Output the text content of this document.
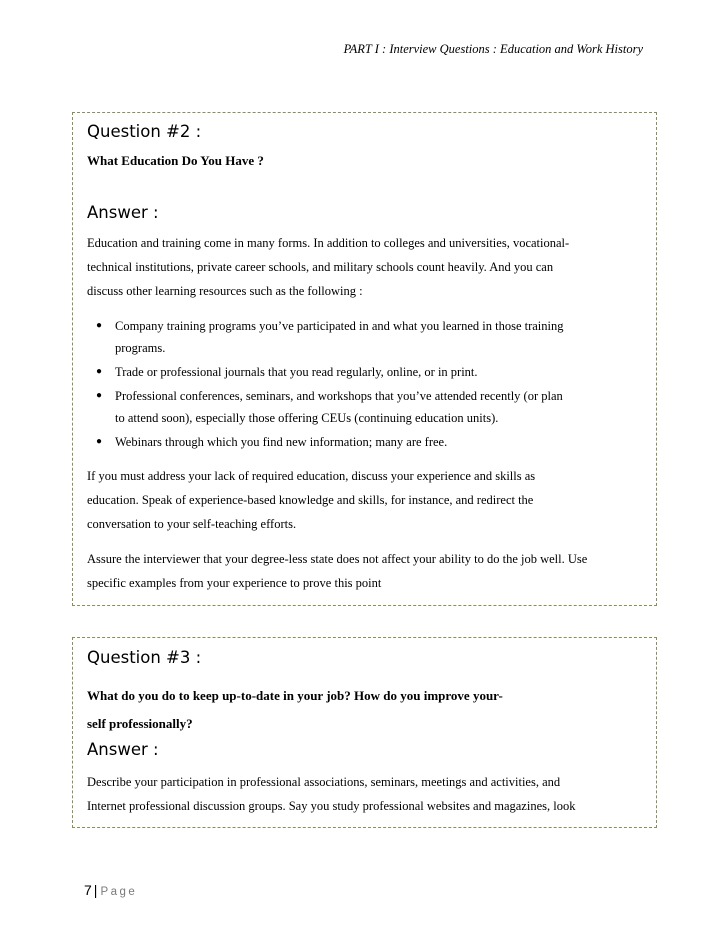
PART I : Interview Questions : Education and Work History
Question #2 :
What Education Do You Have ?
Answer :
Education and training come in many forms. In addition to colleges and universities, vocational-
technical institutions, private career schools, and military schools count heavily. And you can
discuss other learning resources such as the following :
● Company training programs you’ve participated in and what you learned in those training
programs.
● Trade or professional journals that you read regularly, online, or in print.
● Professional conferences, seminars, and workshops that you’ve attended recently (or plan
to attend soon), especially those offering CEUs (continuing education units).
● Webinars through which you find new information; many are free.
If you must address your lack of required education, discuss your experience and skills as
education. Speak of experience-based knowledge and skills, for instance, and redirect the
conversation to your self-teaching efforts.
Assure the interviewer that your degree-less state does not affect your ability to do the job well. Use
specific examples from your experience to prove this point
Question #3 :
What do you do to keep up-to-date in your job? How do you improve your-
self professionally?
Answer :
Describe your participation in professional associations, seminars, meetings and activities, and
Internet professional discussion groups. Say you study professional websites and magazines, look
7 | Page
